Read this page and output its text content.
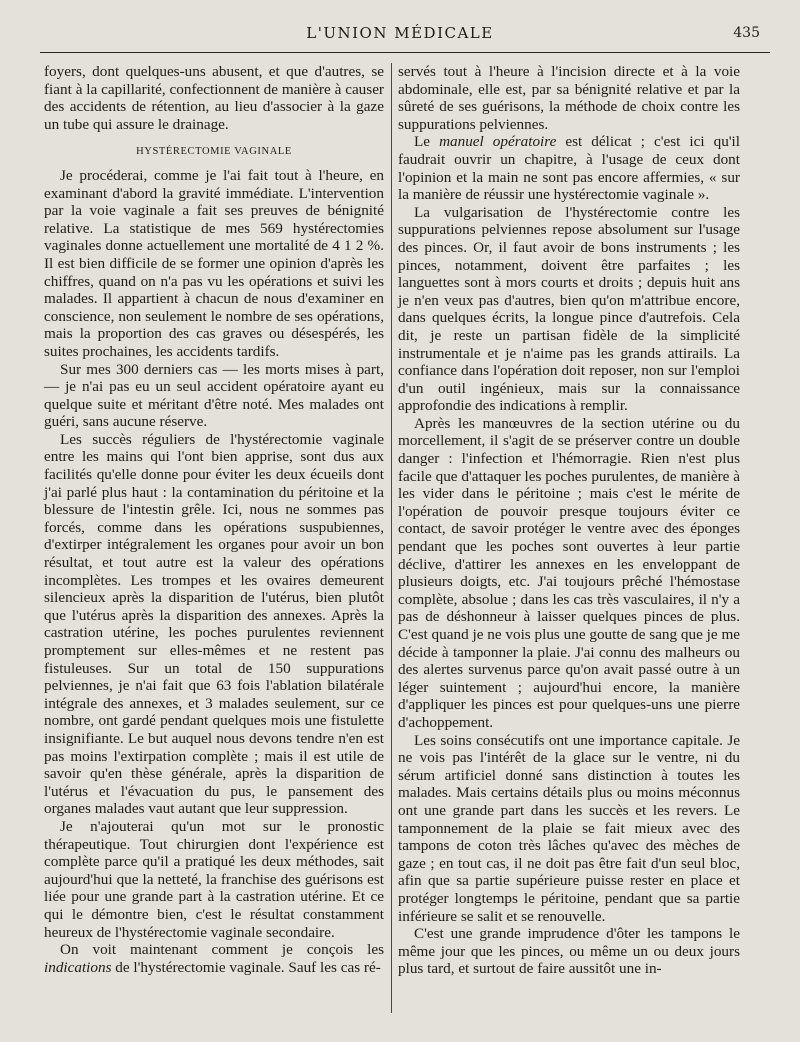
L'UNION MÉDICALE	435

foyers, dont quelques-uns abusent, et que d'autres, se fiant à la capillarité, confectionnent de manière à causer des accidents de rétention, au lieu d'associer à la gaze un tube qui assure le drainage.

HYSTÉRECTOMIE VAGINALE

Je procéderai, comme je l'ai fait tout à l'heure, en examinant d'abord la gravité immédiate. L'intervention par la voie vaginale a fait ses preuves de bénignité relative. La statistique de mes 569 hystérectomies vaginales donne actuellement une mortalité de 4 1 2 %. Il est bien difficile de se former une opinion d'après les chiffres, quand on n'a pas vu les opérations et suivi les malades. Il appartient à chacun de nous d'examiner en conscience, non seulement le nombre de ses opérations, mais la proportion des cas graves ou désespérés, les suites prochaines, les accidents tardifs.

Sur mes 300 derniers cas — les morts mises à part, — je n'ai pas eu un seul accident opératoire ayant eu quelque suite et méritant d'être noté. Mes malades ont guéri, sans aucune réserve.

Les succès réguliers de l'hystérectomie vaginale entre les mains qui l'ont bien apprise, sont dus aux facilités qu'elle donne pour éviter les deux écueils dont j'ai parlé plus haut : la contamination du péritoine et la blessure de l'intestin grêle. Ici, nous ne sommes pas forcés, comme dans les opérations suspubiennes, d'extirper intégralement les organes pour avoir un bon résultat, et tout autre est la valeur des opérations incomplètes. Les trompes et les ovaires demeurent silencieux après la disparition de l'utérus, bien plutôt que l'utérus après la disparition des annexes. Après la castration utérine, les poches purulentes reviennent promptement sur elles-mêmes et ne restent pas fistuleuses. Sur un total de 150 suppurations pelviennes, je n'ai fait que 63 fois l'ablation bilatérale intégrale des annexes, et 3 malades seulement, sur ce nombre, ont gardé pendant quelques mois une fistulette insignifiante. Le but auquel nous devons tendre n'en est pas moins l'extirpation complète ; mais il est utile de savoir qu'en thèse générale, après la disparition de l'utérus et l'évacuation du pus, le pansement des organes malades vaut autant que leur suppression.

Je n'ajouterai qu'un mot sur le pronostic thérapeutique. Tout chirurgien dont l'expérience est complète parce qu'il a pratiqué les deux méthodes, sait aujourd'hui que la netteté, la franchise des guérisons est liée pour une grande part à la castration utérine. Et ce qui le démontre bien, c'est le résultat constamment heureux de l'hystérectomie vaginale secondaire.

On voit maintenant comment je conçois les indications de l'hystérectomie vaginale. Sauf les cas ré-

servés tout à l'heure à l'incision directe et à la voie abdominale, elle est, par sa bénignité relative et par la sûreté de ses guérisons, la méthode de choix contre les suppurations pelviennes.

Le manuel opératoire est délicat ; c'est ici qu'il faudrait ouvrir un chapitre, à l'usage de ceux dont l'opinion et la main ne sont pas encore affermies, « sur la manière de réussir une hystérectomie vaginale ».

La vulgarisation de l'hystérectomie contre les suppurations pelviennes repose absolument sur l'usage des pinces. Or, il faut avoir de bons instruments ; les pinces, notamment, doivent être parfaites ; les languettes sont à mors courts et droits ; depuis huit ans je n'en veux pas d'autres, bien qu'on m'attribue encore, dans quelques écrits, la longue pince d'autrefois. Cela dit, je reste un partisan fidèle de la simplicité instrumentale et je n'aime pas les grands attirails. La confiance dans l'opération doit reposer, non sur l'emploi d'un outil ingénieux, mais sur la connaissance approfondie des indications à remplir.

Après les manœuvres de la section utérine ou du morcellement, il s'agit de se préserver contre un double danger : l'infection et l'hémorragie. Rien n'est plus facile que d'attaquer les poches purulentes, de manière à les vider dans le péritoine ; mais c'est le mérite de l'opération de pouvoir presque toujours éviter ce contact, de savoir protéger le ventre avec des éponges pendant que les poches sont ouvertes à leur partie déclive, d'attirer les annexes en les enveloppant de plusieurs doigts, etc. J'ai toujours prêché l'hémostase complète, absolue ; dans les cas très vasculaires, il n'y a pas de déshonneur à laisser quelques pinces de plus. C'est quand je ne vois plus une goutte de sang que je me décide à tamponner la plaie. J'ai connu des malheurs ou des alertes survenus parce qu'on avait passé outre à un léger suintement ; aujourd'hui encore, la manière d'appliquer les pinces est pour quelques-uns une pierre d'achoppement.

Les soins consécutifs ont une importance capitale. Je ne vois pas l'intérêt de la glace sur le ventre, ni du sérum artificiel donné sans distinction à toutes les malades. Mais certains détails plus ou moins méconnus ont une grande part dans les succès et les revers. Le tamponnement de la plaie se fait mieux avec des tampons de coton très lâches qu'avec des mèches de gaze ; en tout cas, il ne doit pas être fait d'un seul bloc, afin que sa partie supérieure puisse rester en place et protéger longtemps le péritoine, pendant que sa partie inférieure se salit et se renouvelle.

C'est une grande imprudence d'ôter les tampons le même jour que les pinces, ou même un ou deux jours plus tard, et surtout de faire aussitôt une in-
